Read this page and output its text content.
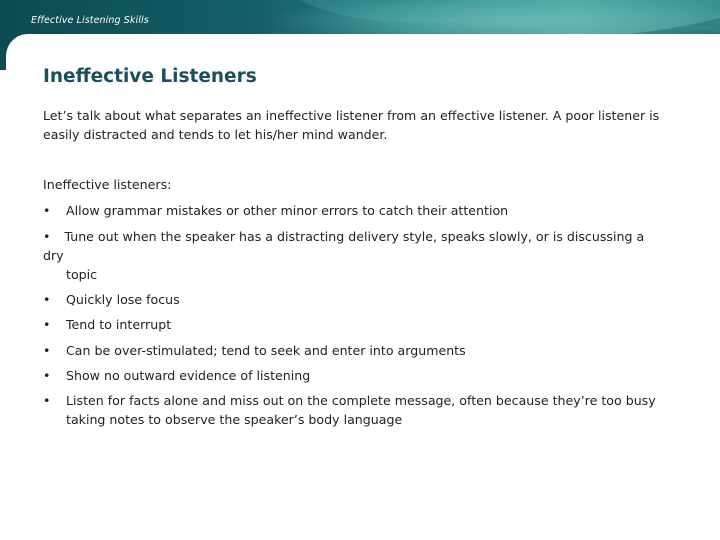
Effective Listening Skills
Ineffective Listeners

Let’s talk about what separates an ineffective listener from an effective listener. A poor listener is easily distracted and tends to let his/her mind wander.

Ineffective listeners:
•	Allow grammar mistakes or other minor errors to catch their attention
• Tune out when the speaker has a distracting delivery style, speaks slowly, or is discussing a
dry
topic
•	Quickly lose focus
•	Tend to interrupt
•	Can be over-stimulated; tend to seek and enter into arguments
•	Show no outward evidence of listening
•	Listen for facts alone and miss out on the complete message, often because they’re too busy taking notes to observe the speaker’s body language
